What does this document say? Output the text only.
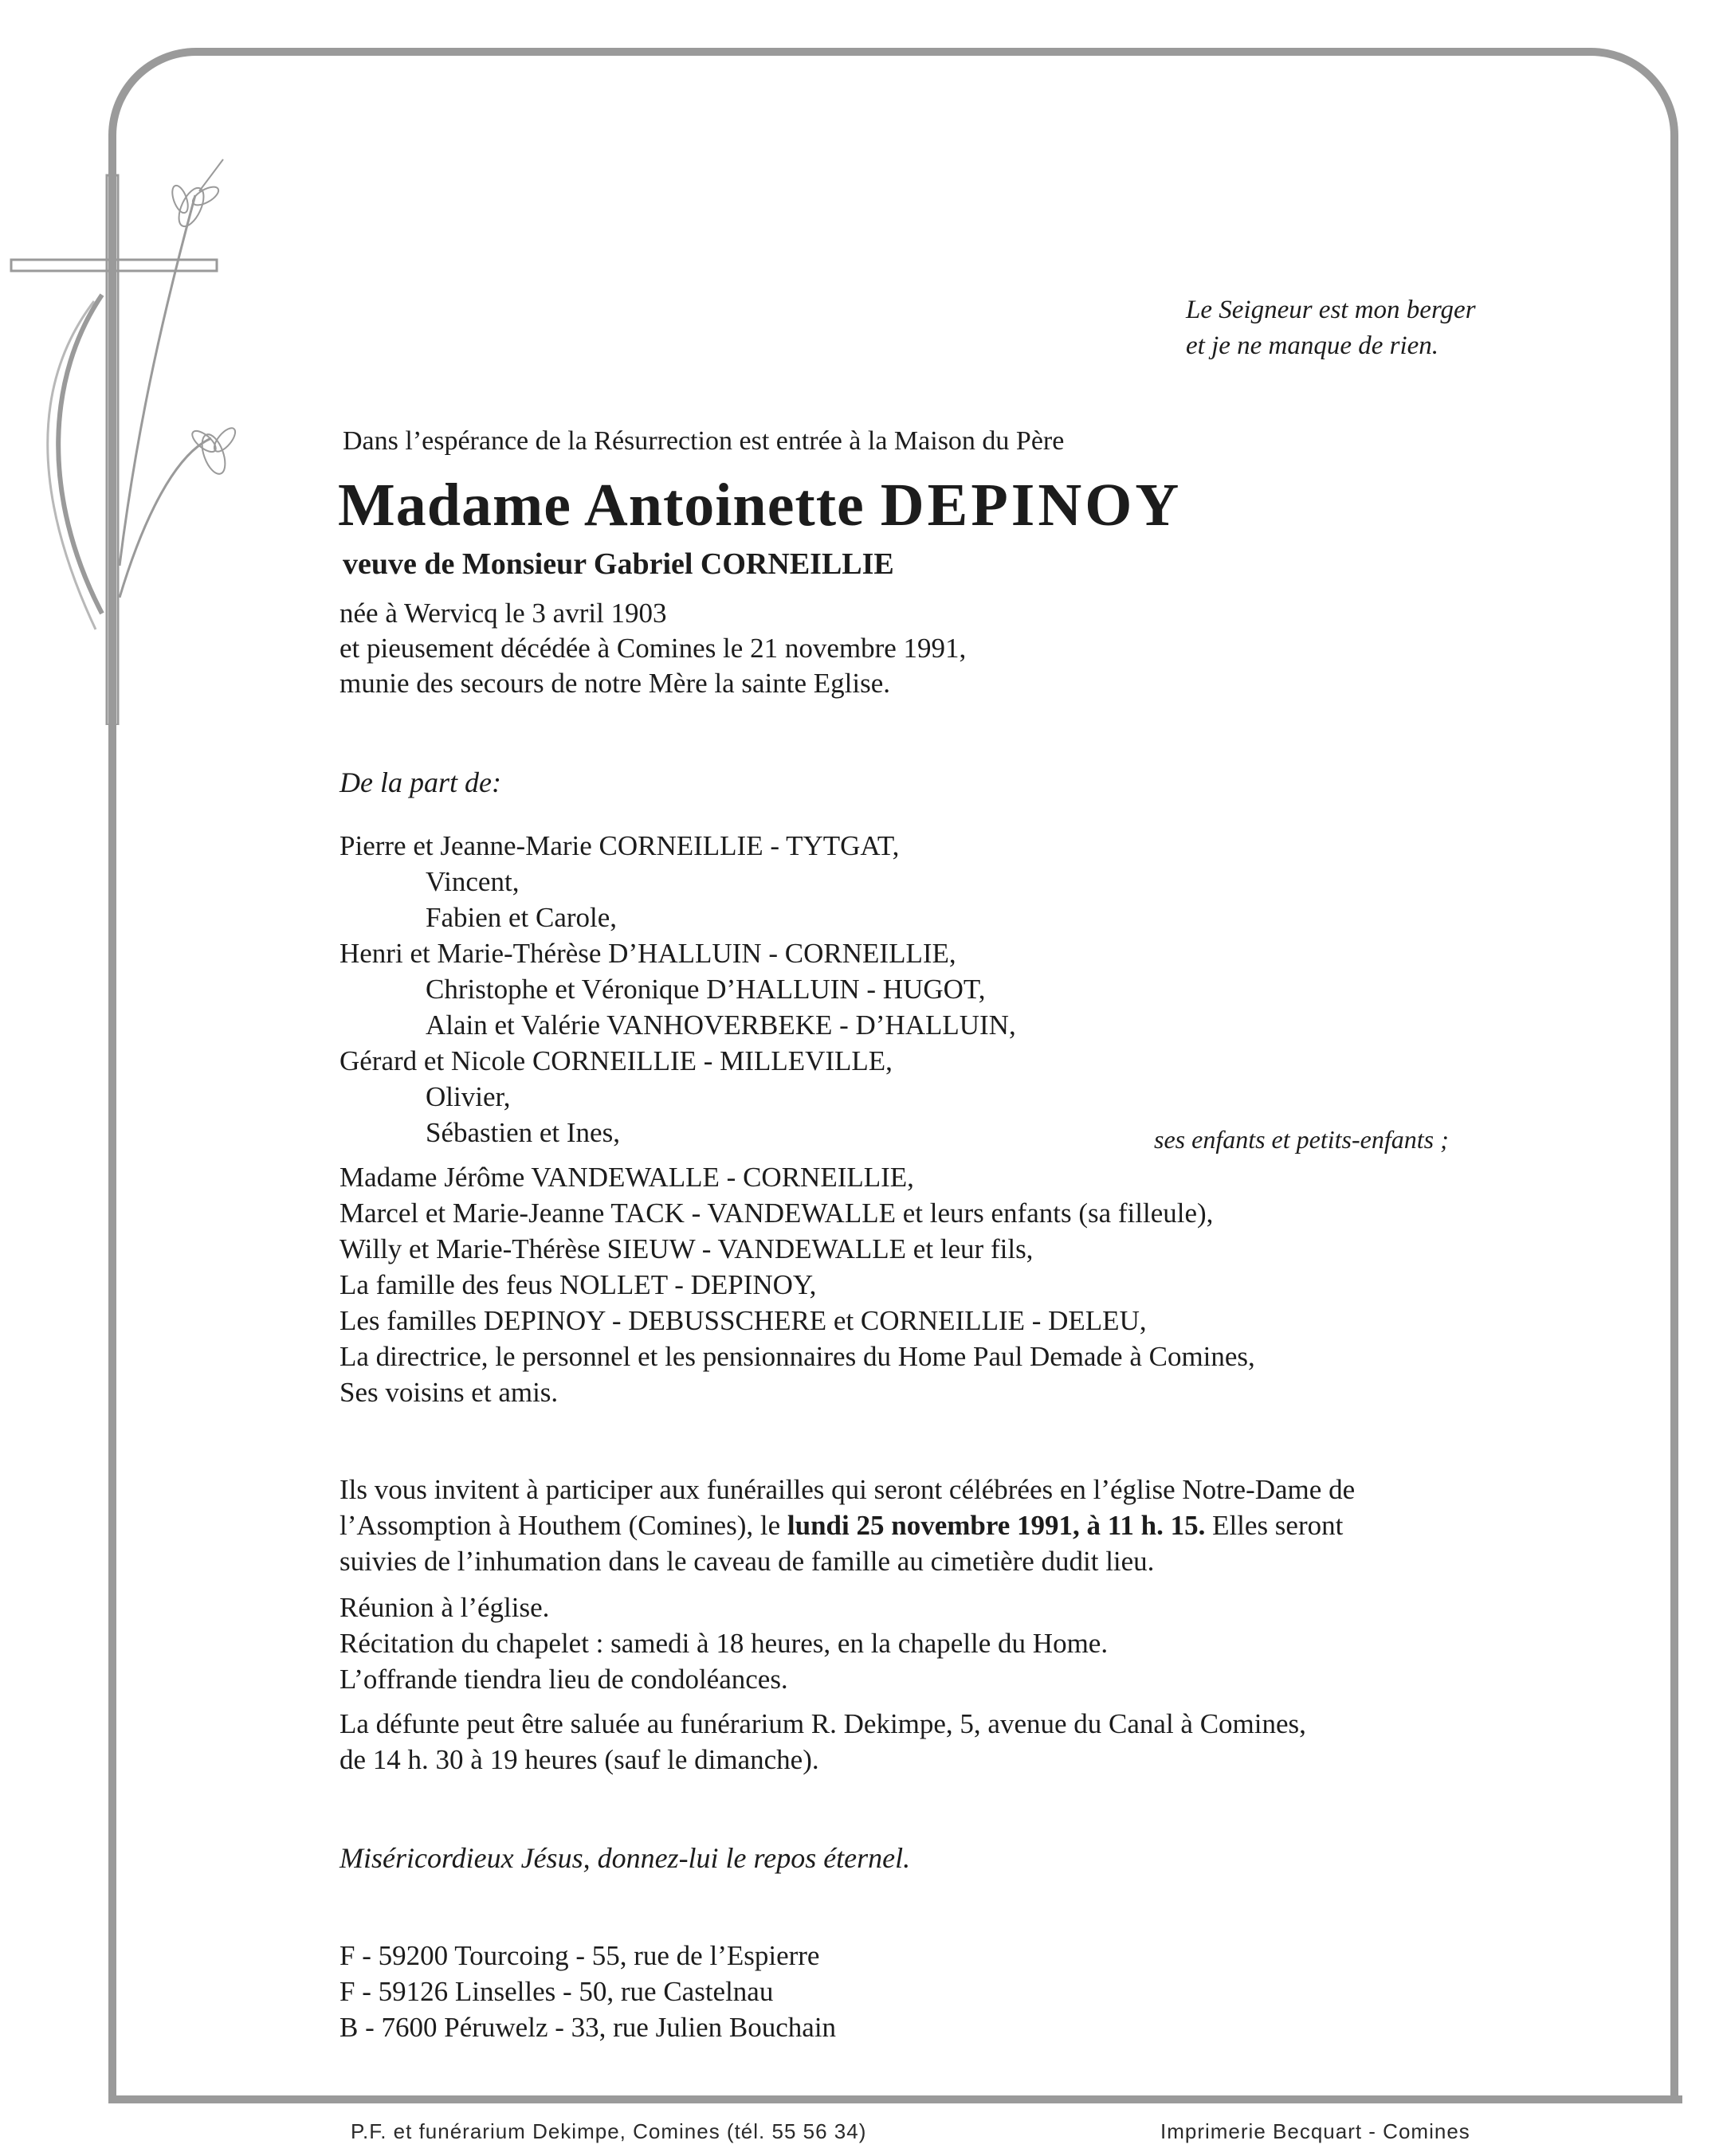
Le Seigneur est mon berger
et je ne manque de rien.
Dans l’espérance de la Résurrection est entrée à la Maison du Père
Madame Antoinette DEPINOY
veuve de Monsieur Gabriel CORNEILLIE
née à Wervicq le 3 avril 1903
et pieusement décédée à Comines le 21 novembre 1991,
munie des secours de notre Mère la sainte Eglise.
De la part de:
Pierre et Jeanne-Marie CORNEILLIE - TYTGAT,
Vincent,
Fabien et Carole,
Henri et Marie-Thérèse D’HALLUIN - CORNEILLIE,
Christophe et Véronique D’HALLUIN - HUGOT,
Alain et Valérie VANHOVERBEKE - D’HALLUIN,
Gérard et Nicole CORNEILLIE - MILLEVILLE,
Olivier,
Sébastien et Ines,	ses enfants et petits-enfants ;
Madame Jérôme VANDEWALLE - CORNEILLIE,
Marcel et Marie-Jeanne TACK - VANDEWALLE et leurs enfants (sa filleule),
Willy et Marie-Thérèse SIEUW - VANDEWALLE et leur fils,
La famille des feus NOLLET - DEPINOY,
Les familles DEPINOY - DEBUSSCHERE et CORNEILLIE - DELEU,
La directrice, le personnel et les pensionnaires du Home Paul Demade à Comines,
Ses voisins et amis.
Ils vous invitent à participer aux funérailles qui seront célébrées en l’église Notre-Dame de
l’Assomption à Houthem (Comines), le lundi 25 novembre 1991, à 11 h. 15. Elles seront
suivies de l’inhumation dans le caveau de famille au cimetière dudit lieu.
Réunion à l’église.
Récitation du chapelet : samedi à 18 heures, en la chapelle du Home.
L’offrande tiendra lieu de condoléances.
La défunte peut être saluée au funérarium R. Dekimpe, 5, avenue du Canal à Comines,
de 14 h. 30 à 19 heures (sauf le dimanche).
Miséricordieux Jésus, donnez-lui le repos éternel.
F - 59200 Tourcoing - 55, rue de l’Espierre
F - 59126 Linselles - 50, rue Castelnau
B - 7600 Péruwelz - 33, rue Julien Bouchain
P.F. et funérarium Dekimpe, Comines (tél. 55 56 34)	Imprimerie Becquart - Comines
